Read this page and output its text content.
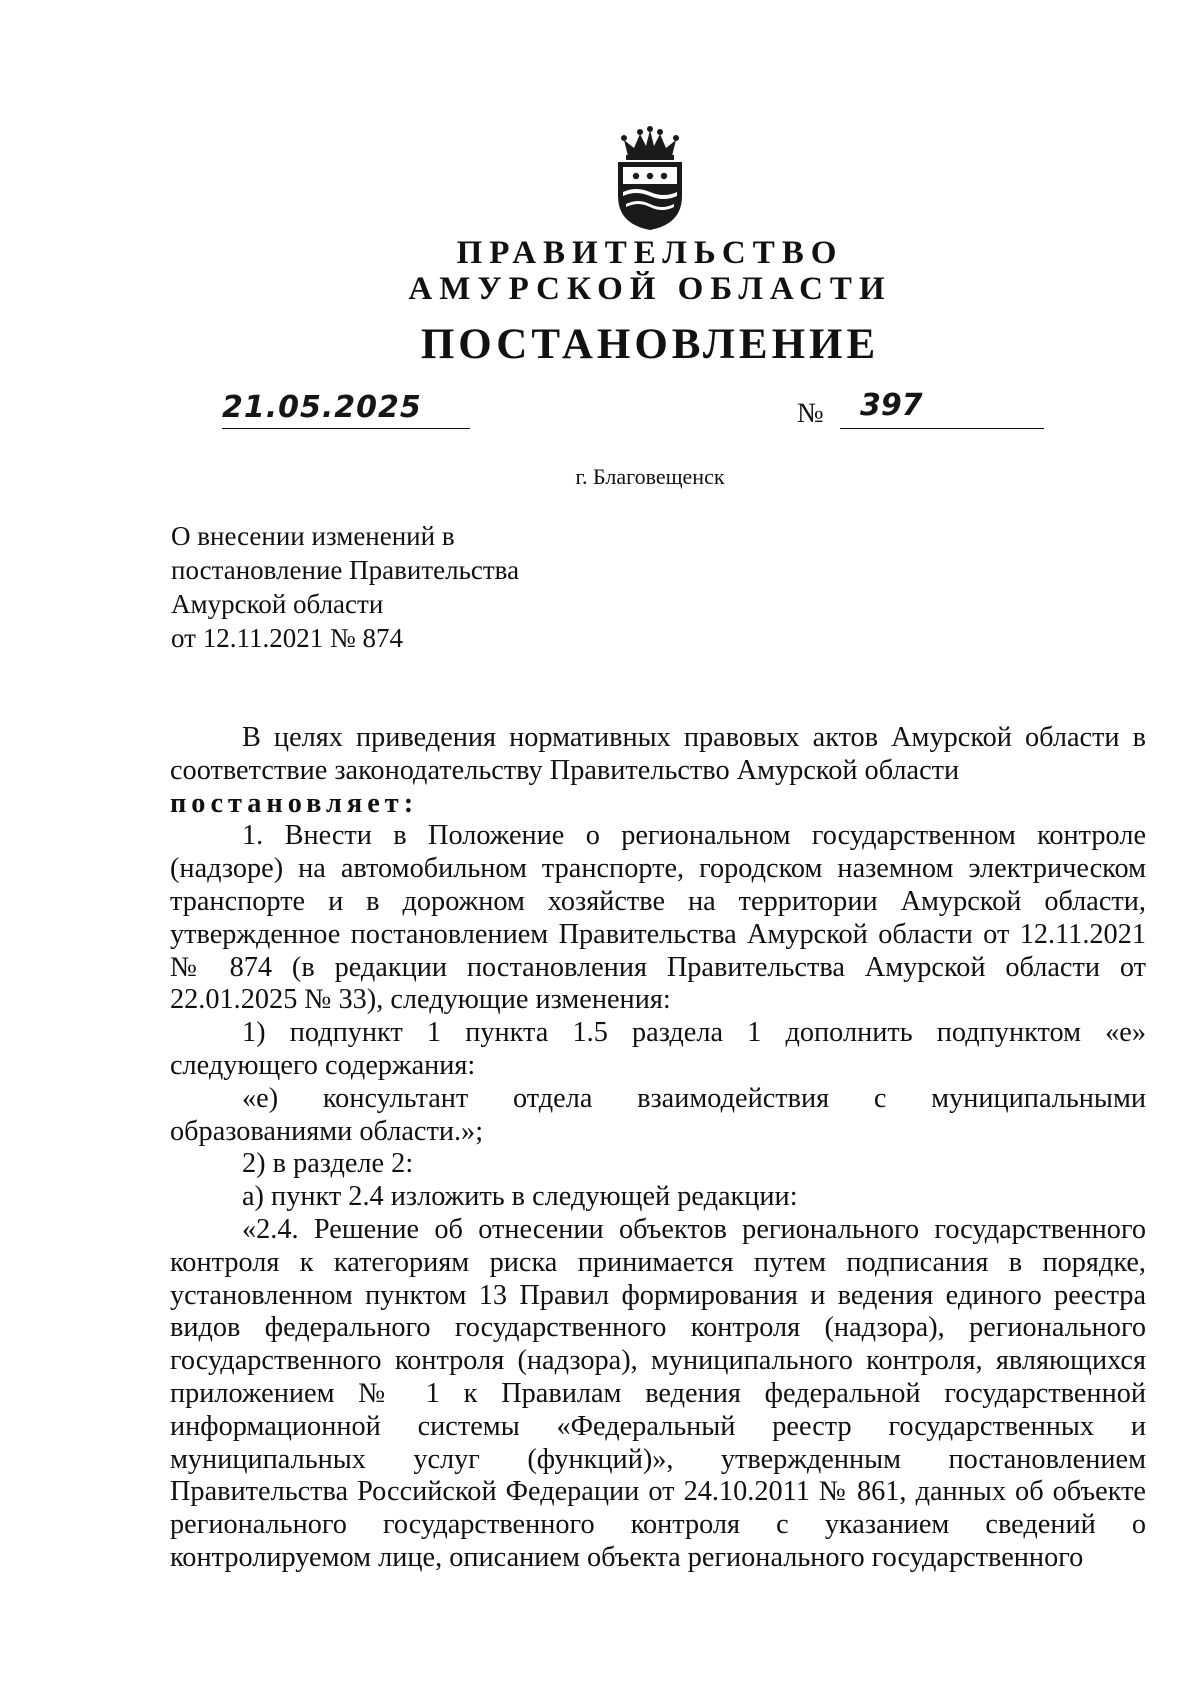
ПРАВИТЕЛЬСТВО
АМУРСКОЙ ОБЛАСТИ
ПОСТАНОВЛЕНИЕ
21.05.2025	№ 397
г. Благовещенск
О внесении изменений в
постановление Правительства
Амурской области
от 12.11.2021 № 874

В целях приведения нормативных правовых актов Амурской области в соответствие законодательству Правительство Амурской области

постановляет:

1. Внести в Положение о региональном государственном контроле (надзоре) на автомобильном транспорте, городском наземном электрическом транспорте и в дорожном хозяйстве на территории Амурской области, утвержденное постановлением Правительства Амурской области от 12.11.2021 № 874 (в редакции постановления Правительства Амурской области от 22.01.2025 № 33), следующие изменения:

1) подпункт 1 пункта 1.5 раздела 1 дополнить подпунктом «е» следующего содержания:

«е) консультант отдела взаимодействия с муниципальными образованиями области.»;

2) в разделе 2:

а) пункт 2.4 изложить в следующей редакции:

«2.4. Решение об отнесении объектов регионального государственного контроля к категориям риска принимается путем подписания в порядке, установленном пунктом 13 Правил формирования и ведения единого реестра видов федерального государственного контроля (надзора), регионального государственного контроля (надзора), муниципального контроля, являющихся приложением № 1 к Правилам ведения федеральной государственной информационной системы «Федеральный реестр государственных и муниципальных услуг (функций)», утвержденным постановлением Правительства Российской Федерации от 24.10.2011 № 861, данных об объекте регионального государственного контроля с указанием сведений о контролируемом лице, описанием объекта регионального государственного
